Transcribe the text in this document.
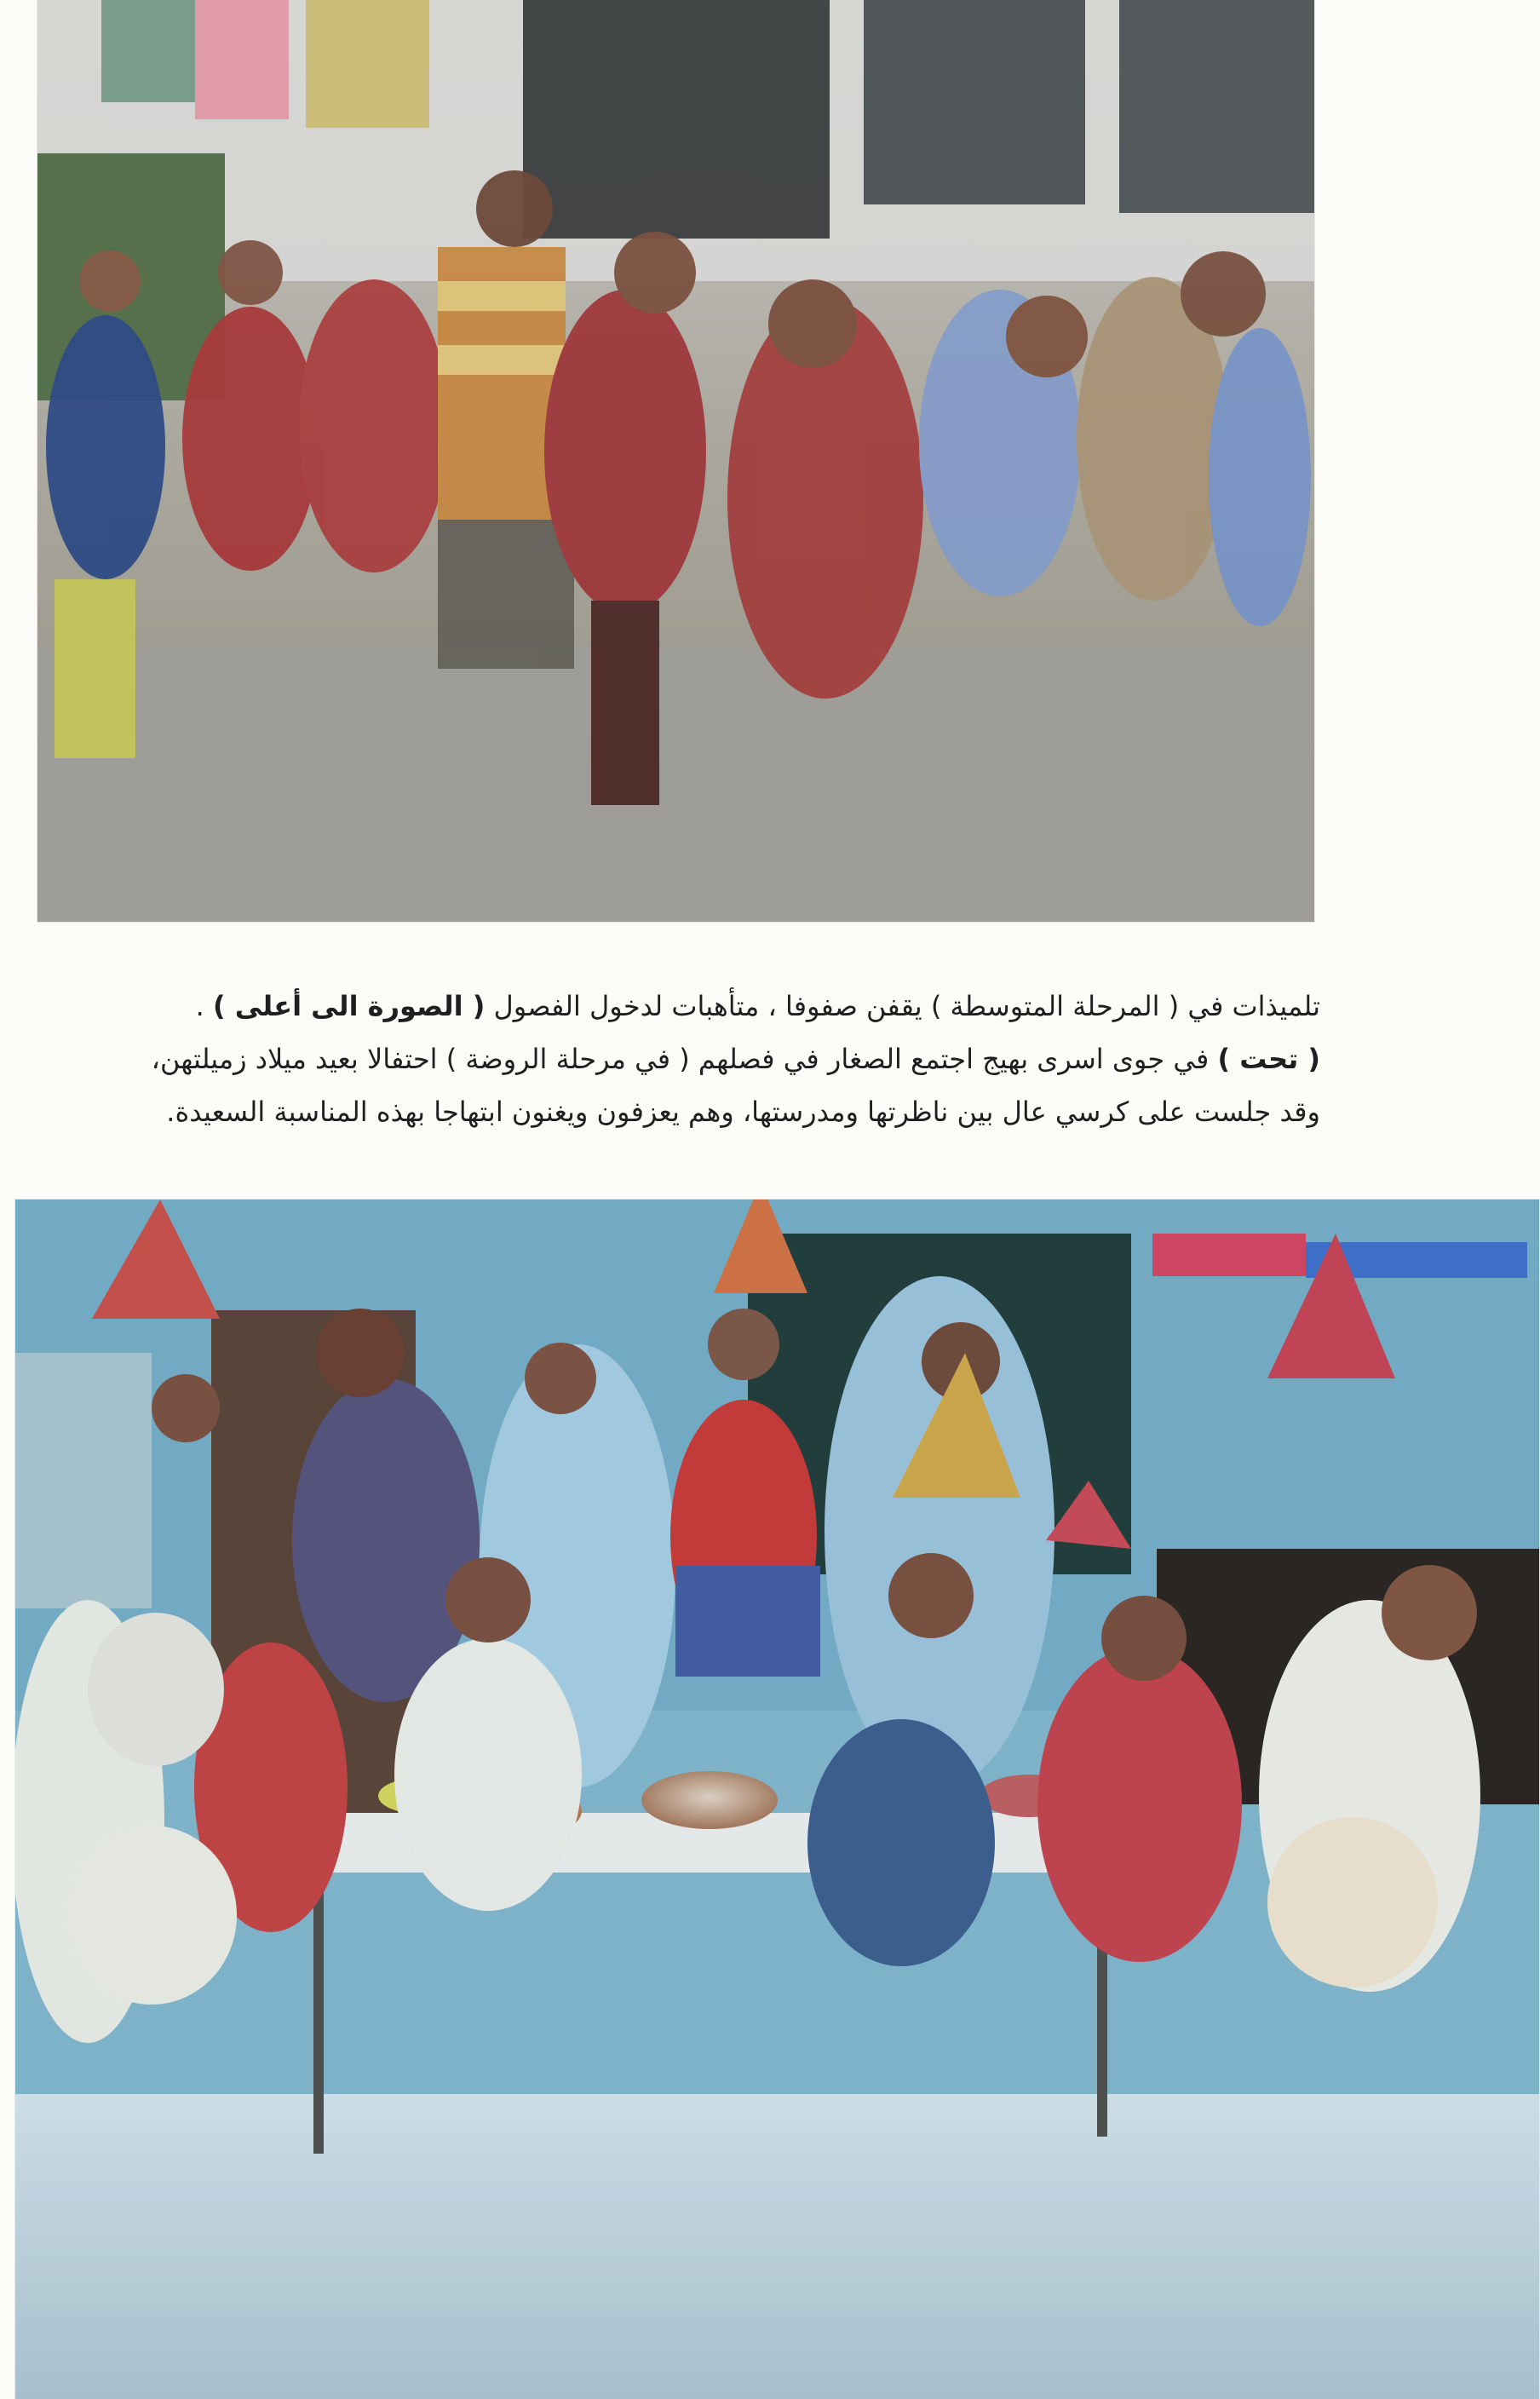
تلميذات في ( المرحلة المتوسطة ) يقفن صفوفا ، متأهبات لدخول الفصول ( الصورة الى أعلى ) .
( تحت ) في جوى اسرى بهيج اجتمع الصغار في فصلهم ( في مرحلة الروضة ) احتفالا بعيد ميلاد زميلتهن،
وقد جلست على كرسي عال بين ناظرتها ومدرستها، وهم يعزفون ويغنون ابتهاجا بهذه المناسبة السعيدة.
